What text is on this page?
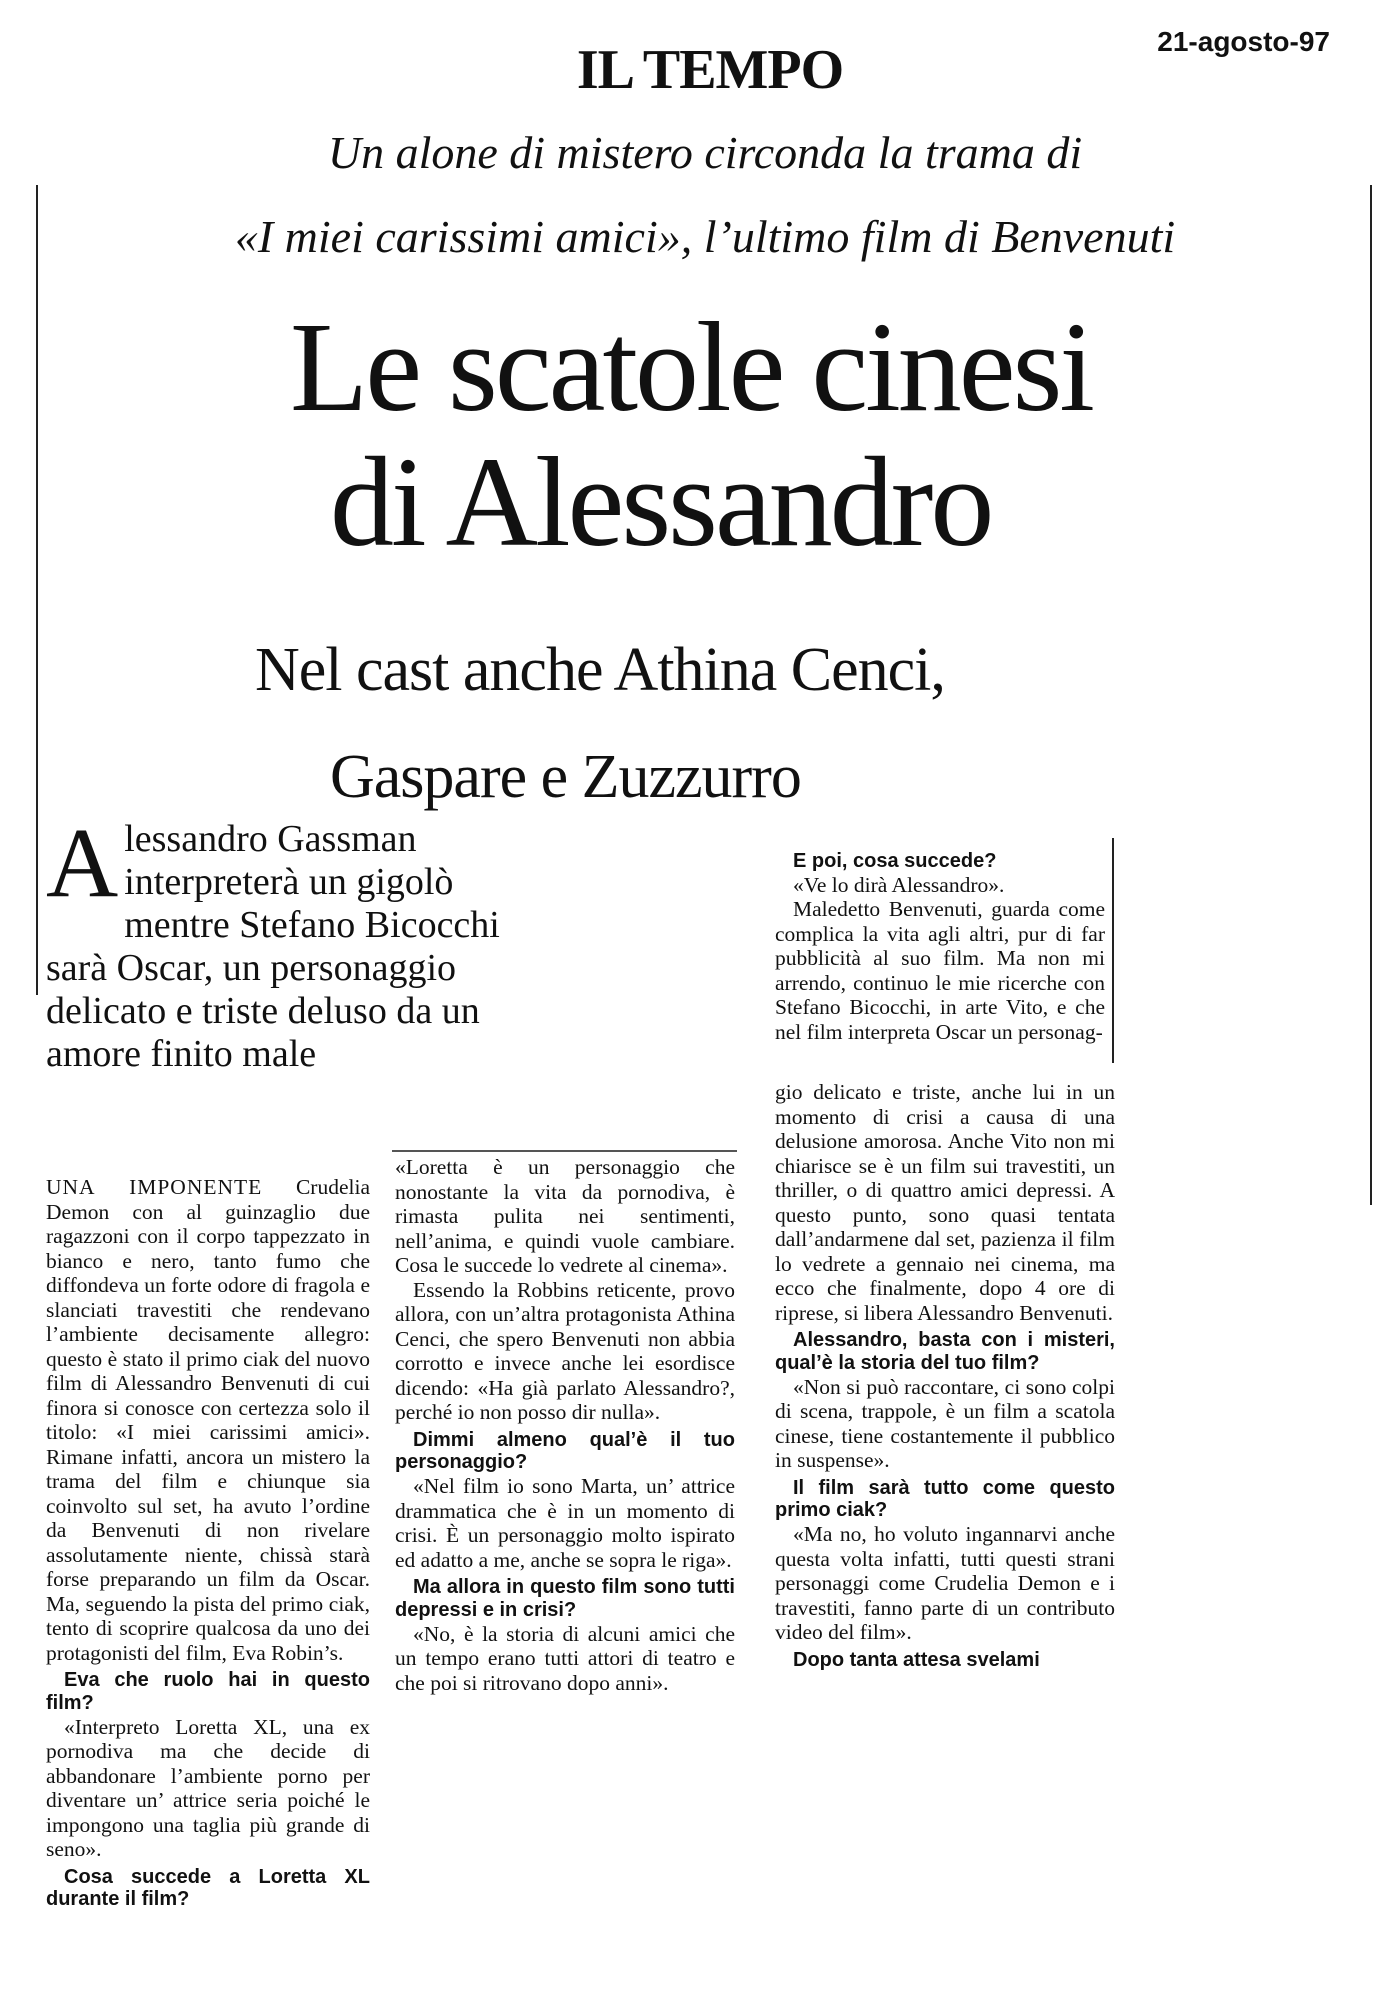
IL TEMPO	21-agosto-97
Un alone di mistero circonda la trama di
«I miei carissimi amici», l’ultimo film di Benvenuti
Le scatole cinesi
di Alessandro
Nel cast anche Athina Cenci,
Gaspare e Zuzzurro
Alessandro Gassman interpreterà un gigolò mentre Stefano Bicocchi sarà Oscar, un personaggio delicato e triste deluso da un amore finito male

UNA IMPONENTE Crudelia Demon con al guinzaglio due ragazzoni con il corpo tappezzato in bianco e nero, tanto fumo che diffondeva un forte odore di fragola e slanciati travestiti che rendevano l’ambiente decisamente allegro: questo è stato il primo ciak del nuovo film di Alessandro Benvenuti di cui finora si conosce con certezza solo il titolo: «I miei carissimi amici». Rimane infatti, ancora un mistero la trama del film e chiunque sia coinvolto sul set, ha avuto l’ordine da Benvenuti di non rivelare assolutamente niente, chissà starà forse preparando un film da Oscar. Ma, seguendo la pista del primo ciak, tento di scoprire qualcosa da uno dei protagonisti del film, Eva Robin’s.

Eva che ruolo hai in questo film?

«Interpreto Loretta XL, una ex pornodiva ma che decide di abbandonare l’ambiente porno per diventare un’ attrice seria poiché le impongono una taglia più grande di seno».

Cosa succede a Loretta XL durante il film?

«Loretta è un personaggio che nonostante la vita da pornodiva, è rimasta pulita nei sentimenti, nell’anima, e quindi vuole cambiare. Cosa le succede lo vedrete al cinema».

Essendo la Robbins reticente, provo allora, con un’altra protagonista Athina Cenci, che spero Benvenuti non abbia corrotto e invece anche lei esordisce dicendo: «Ha già parlato Alessandro?, perché io non posso dir nulla».

Dimmi almeno qual’è il tuo personaggio?

«Nel film io sono Marta, un’ attrice drammatica che è in un momento di crisi. È un personaggio molto ispirato ed adatto a me, anche se sopra le riga».

Ma allora in questo film sono tutti depressi e in crisi?

«No, è la storia di alcuni amici che un tempo erano tutti attori di teatro e che poi si ritrovano dopo anni».

E poi, cosa succede?

«Ve lo dirà Alessandro».

Maledetto Benvenuti, guarda come complica la vita agli altri, pur di far pubblicità al suo film. Ma non mi arrendo, continuo le mie ricerche con Stefano Bicocchi, in arte Vito, e che nel film interpreta Oscar un personag-

gio delicato e triste, anche lui in un momento di crisi a causa di una delusione amorosa. Anche Vito non mi chiarisce se è un film sui travestiti, un thriller, o di quattro amici depressi. A questo punto, sono quasi tentata dall’andarmene dal set, pazienza il film lo vedrete a gennaio nei cinema, ma ecco che finalmente, dopo 4 ore di riprese, si libera Alessandro Benvenuti.

Alessandro, basta con i misteri, qual’è la storia del tuo film?

«Non si può raccontare, ci sono colpi di scena, trappole, è un film a scatola cinese, tiene costantemente il pubblico in suspense».

Il film sarà tutto come questo primo ciak?

«Ma no, ho voluto ingannarvi anche questa volta infatti, tutti questi strani personaggi come Crudelia Demon e i travestiti, fanno parte di un contributo video del film».

Dopo tanta attesa svelami
